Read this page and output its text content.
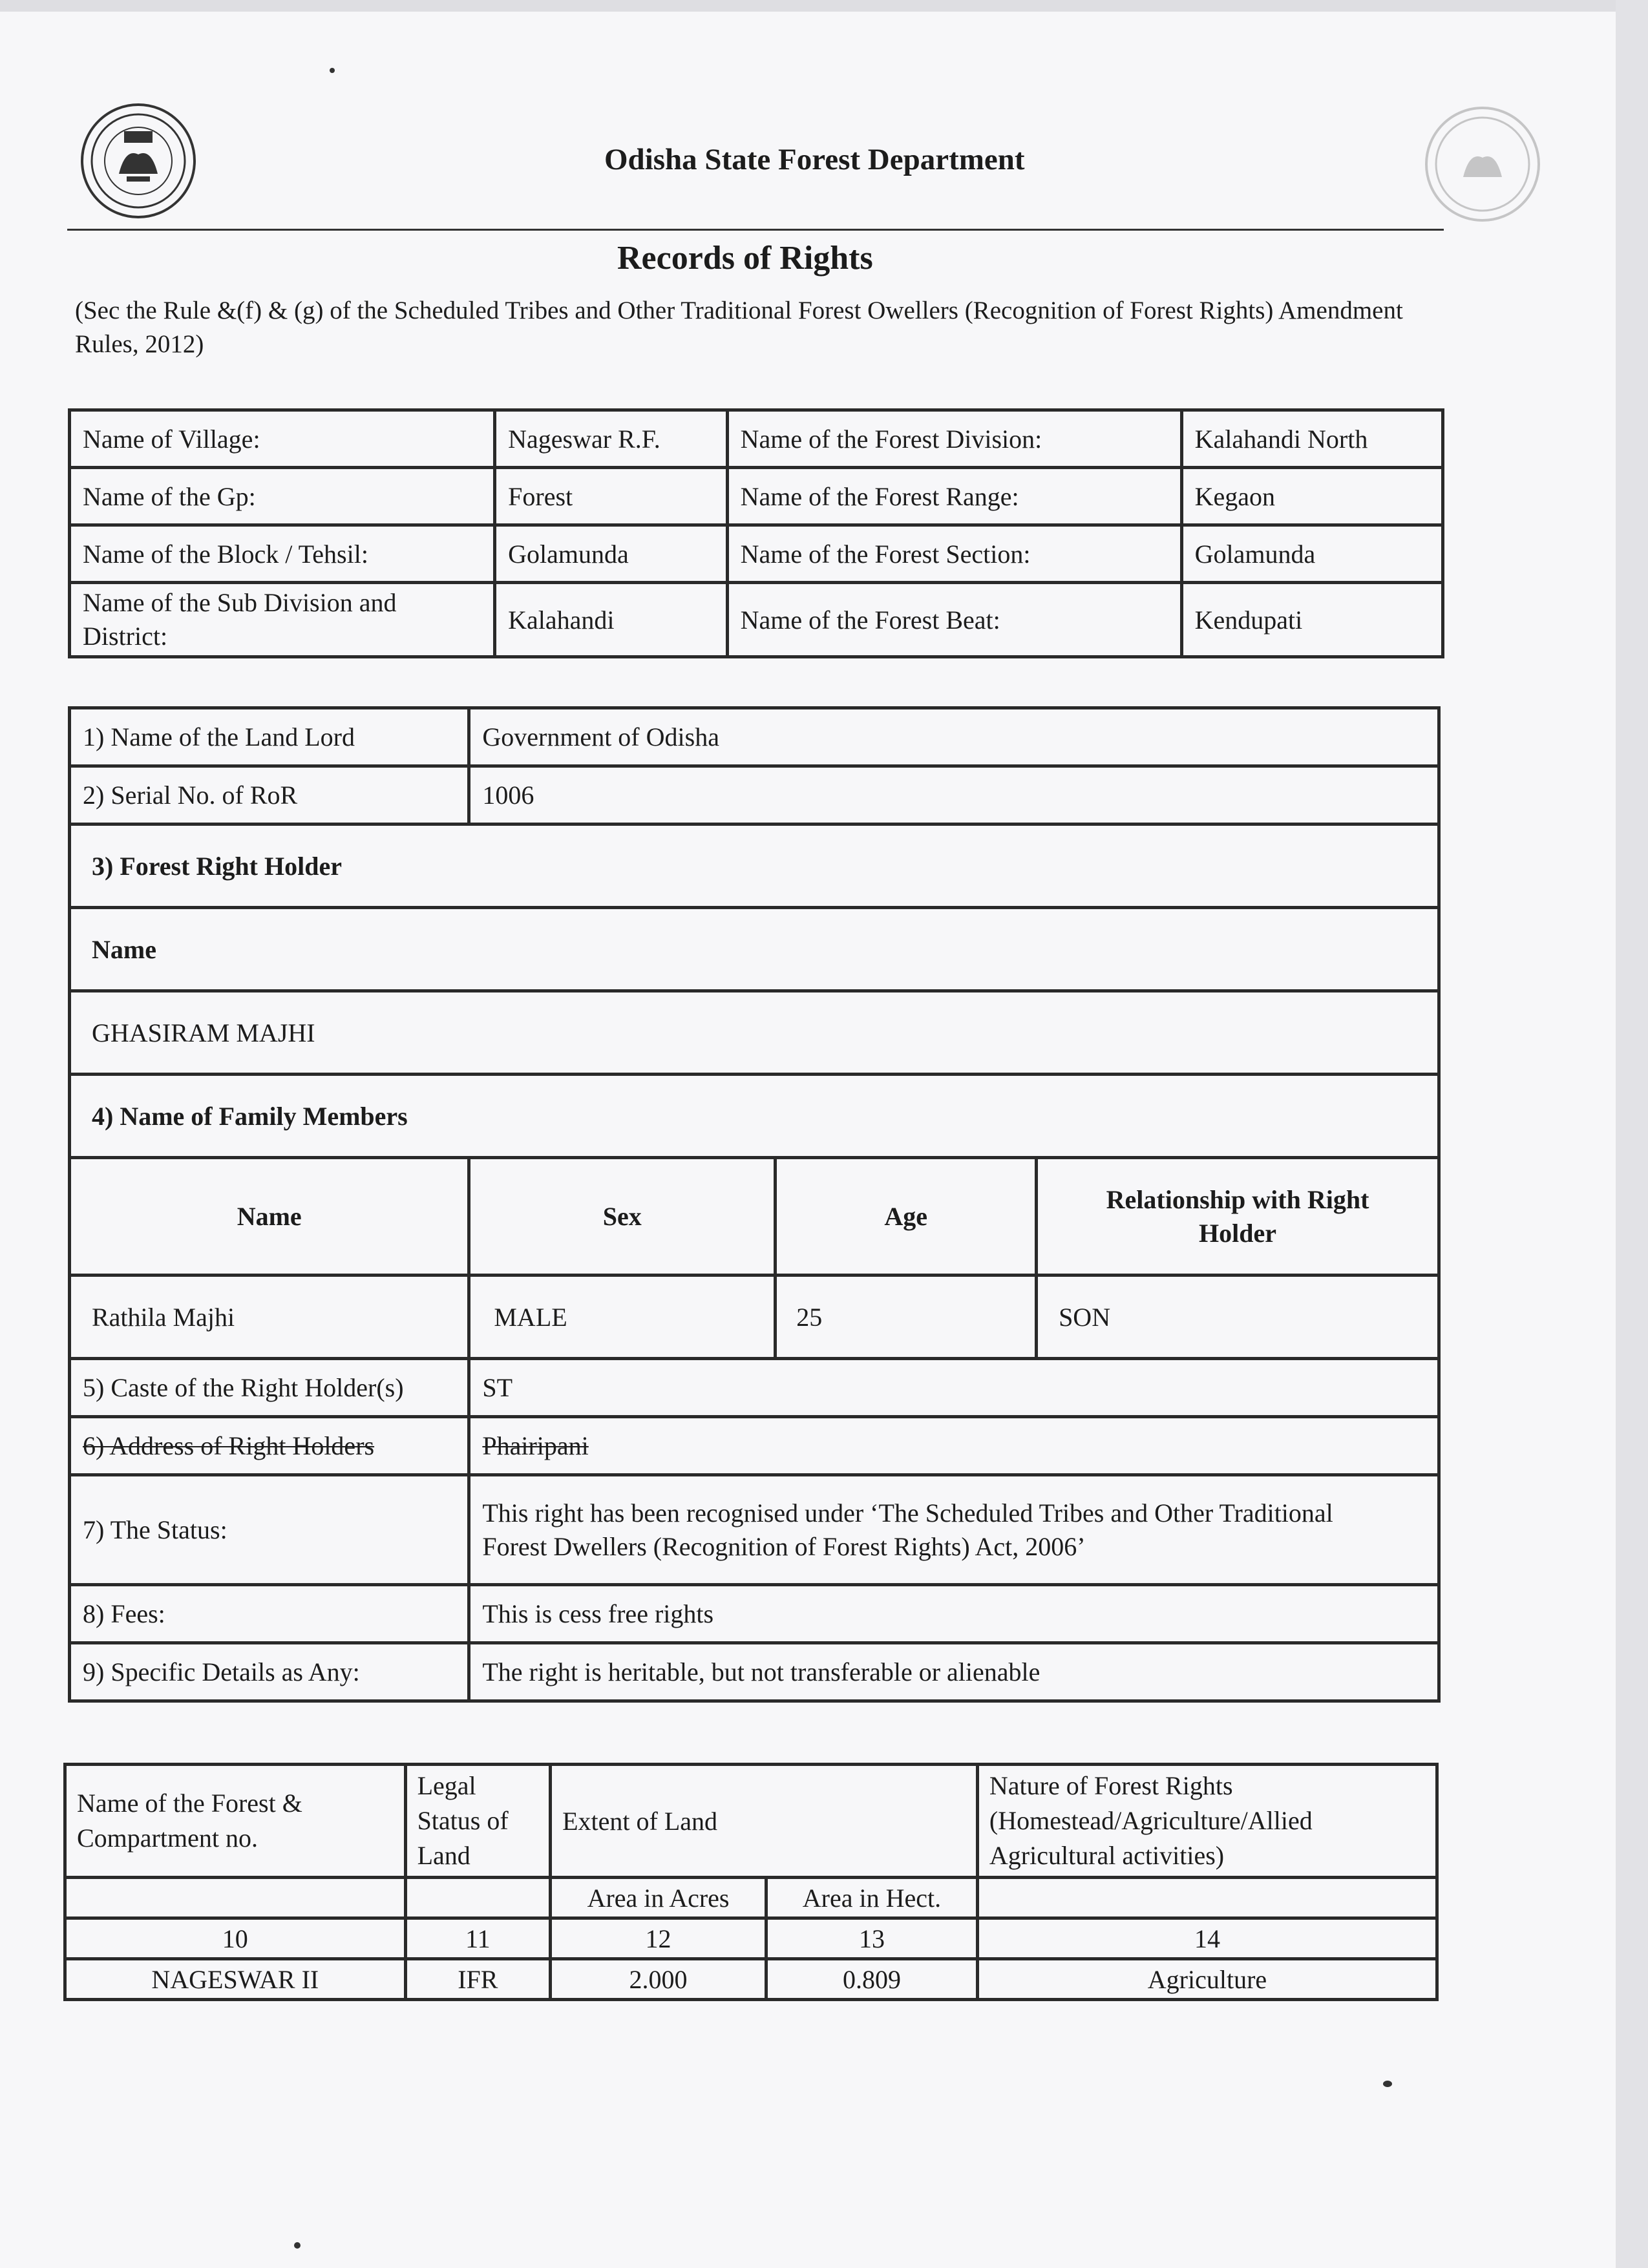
Odisha State Forest Department
Records of Rights
(Sec the Rule &(f) & (g) of the Scheduled Tribes and Other Traditional Forest Owellers (Recognition of Forest Rights) Amendment Rules, 2012)
Name of Village:	Nageswar R.F.	Name of the Forest Division:	Kalahandi North
Name of the Gp:	Forest	Name of the Forest Range:	Kegaon
Name of the Block / Tehsil:	Golamunda	Name of the Forest Section:	Golamunda
Name of the Sub Division and District:	Kalahandi	Name of the Forest Beat:	Kendupati
1) Name of the Land Lord	Government of Odisha		
2) Serial No. of RoR	1006		
3) Forest Right Holder			
Name			
GHASIRAM MAJHI			
4) Name of Family Members			
Name	Sex	Age	Relationship with Right Holder
Rathila Majhi	MALE	25	SON
5) Caste of the Right Holder(s)	ST		
6) Address of Right Holders	Phairipani		
7) The Status:	This right has been recognised under ‘The Scheduled Tribes and Other Traditional
Forest Dwellers (Recognition of Forest Rights) Act, 2006’		

8) Fees:	This is cess free rights		
9) Specific Details as Any:	The right is heritable, but not transferable or alienable		
Name of the Forest & Compartment no.	Legal Status of Land	Extent of Land		Nature of Forest Rights (Homestead/Agriculture/Allied Agricultural activities)
		Area in Acres	Area in Hect.	
10	11	12	13	14
NAGESWAR II	IFR	2.000	0.809	Agriculture
